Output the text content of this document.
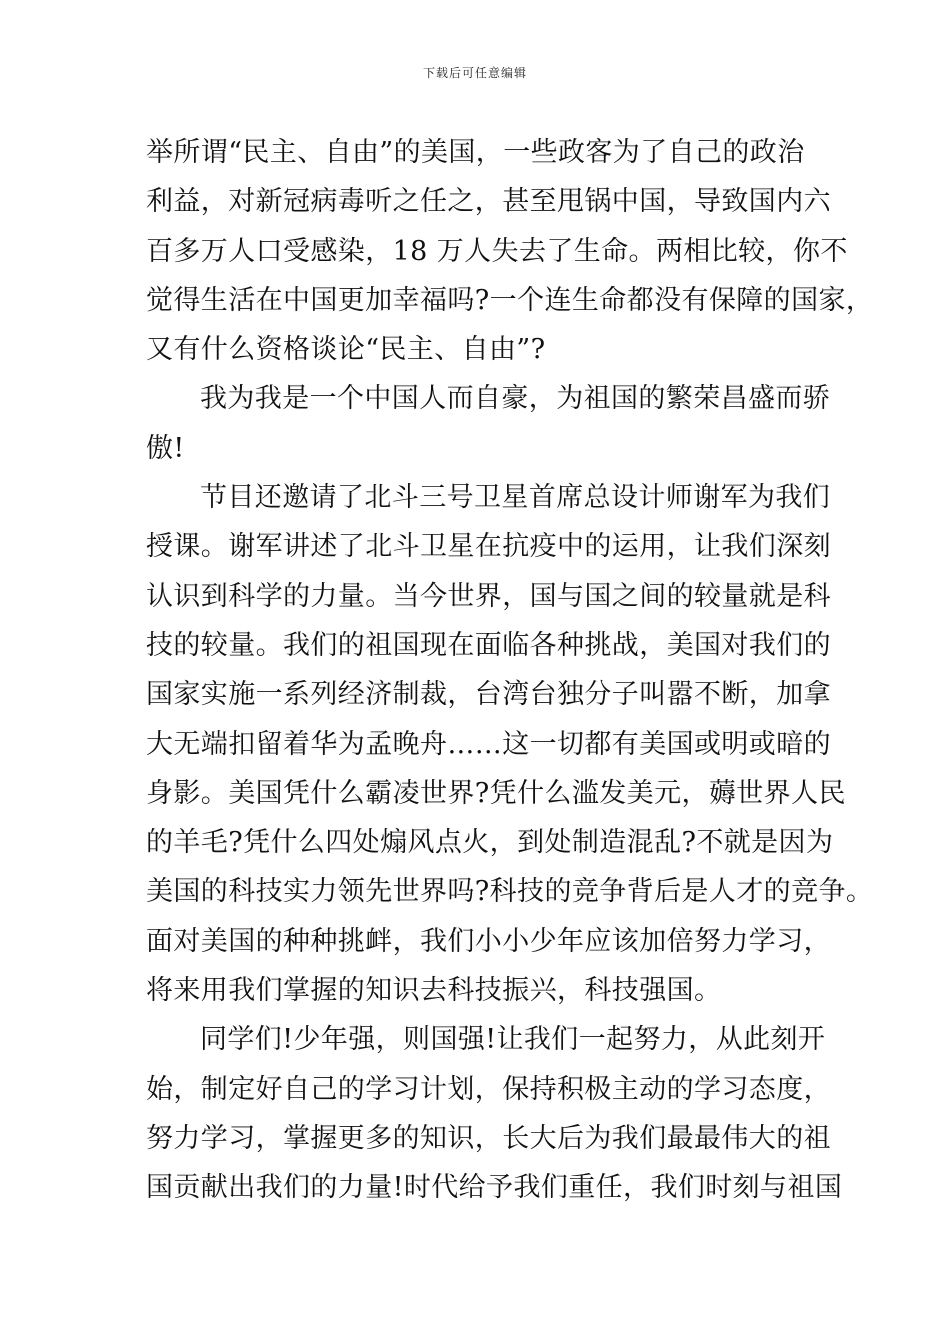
下载后可任意编辑
举所谓“民主、自由”的美国，一些政客为了自己的政治
利益，对新冠病毒听之任之，甚至甩锅中国，导致国内六
百多万人口受感染，18 万人失去了生命。两相比较，你不
觉得生活在中国更加幸福吗?一个连生命都没有保障的国家，
又有什么资格谈论“民主、自由”?
我为我是一个中国人而自豪，为祖国的繁荣昌盛而骄
傲!
节目还邀请了北斗三号卫星首席总设计师谢军为我们
授课。谢军讲述了北斗卫星在抗疫中的运用，让我们深刻
认识到科学的力量。当今世界，国与国之间的较量就是科
技的较量。我们的祖国现在面临各种挑战，美国对我们的
国家实施一系列经济制裁，台湾台独分子叫嚣不断，加拿
大无端扣留着华为孟晚舟……这一切都有美国或明或暗的
身影。美国凭什么霸凌世界?凭什么滥发美元，薅世界人民
的羊毛?凭什么四处煽风点火，到处制造混乱?不就是因为
美国的科技实力领先世界吗?科技的竞争背后是人才的竞争。
面对美国的种种挑衅，我们小小少年应该加倍努力学习，
将来用我们掌握的知识去科技振兴，科技强国。
同学们!少年强，则国强!让我们一起努力，从此刻开
始，制定好自己的学习计划，保持积极主动的学习态度，
努力学习，掌握更多的知识，长大后为我们最最伟大的祖
国贡献出我们的力量!时代给予我们重任，我们时刻与祖国
